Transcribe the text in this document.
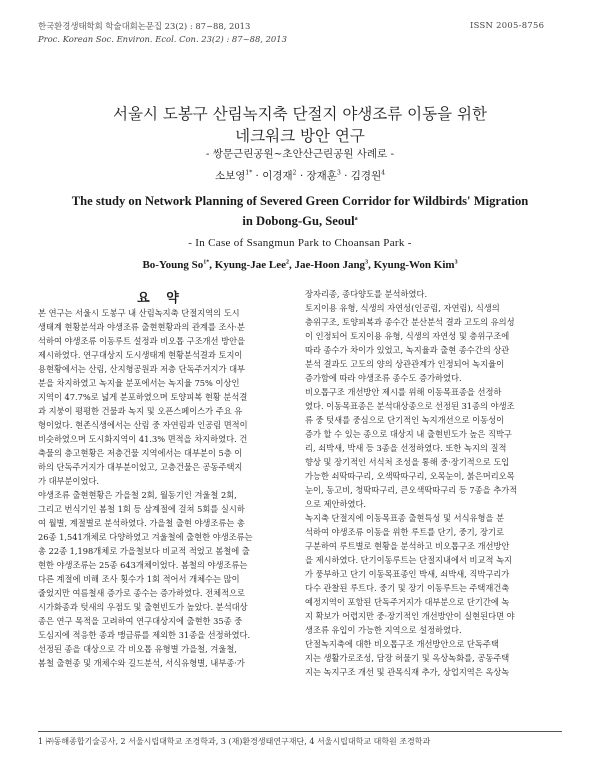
한국환경생태학회 학술대회논문집 23(2) : 87~88, 2013	ISSN 2005-8756
Proc. Korean Soc. Environ. Ecol. Con. 23(2) : 87~88, 2013
서울시 도봉구 산림녹지축 단절지 야생조류 이동을 위한
네크워크 방안 연구
- 쌍문근린공원~초안산근린공원 사례로 -
소보영$^{1*}$ · 이경재$^2$ · 장재훈$^3$ · 김경원$^4$
The study on Network Planning of Severed Green Corridor for Wildbirds' Migration
in Dobong-Gu, Seoul$^a$
- In Case of Ssangmun Park to Choansan Park -
Bo-Young $So^{1*}$, Kyung-Jae Lee$^2$, Jae-Hoon Jang$^3$, Kyung-Won Kim$^3$
요 약

본 연구는 서울시 도봉구 내 산림녹지축 단절지역의 도시

생태계 현황분석과 야생조류 출현현황과의 관계를 조사·분

석하여 야생조류 이동루트 설정과 비오톱 구조개선 방안을

제시하였다. 연구대상지 도시생태계 현황분석결과 토지이

용현황에서는 산림, 산지형공원과 저층 단독주거지가 대부

분을 차지하였고 녹지율 분포에서는 녹지율 75% 이상인

지역이 47.7%로 넓게 분포하였으며 토양피복 현황 분석결

과 지붕이 평평한 건물과 녹지 및 오픈스페이스가 주요 유

형이었다. 현존식생에서는 산림 중 자연림과 인공림 면적이

비슷하였으며 도시화지역이 41.3% 면적을 차지하였다. 건

축물의 층고현황은 저층건물 지역에서는 대부분이 5층 이

하의 단독주거지가 대부분이었고, 고층건물은 공동주택지

가 대부분이었다.

야생조류 출현현황은 가을철 2회, 월동기인 겨울철 2회,

그리고 번식기인 봄철 1회 등 삼계절에 걸쳐 5회를 실시하

여 월별, 계절별로 분석하였다. 가을철 출현 야생조류는 총

26종 1,541개체로 다양하였고 겨울철에 출현한 야생조류는

총 22종 1,198개체로 가을철보다 비교적 적었고 봄철에 출

현한 야생조류는 25종 643개체이었다. 봄철의 야생조류는

다른 계절에 비해 조사 횟수가 1회 적어서 개체수는 많이

줄었지만 여름철새 증가로 종수는 증가하였다. 전체적으로

시가화종과 텃새의 우점도 및 출현빈도가 높았다. 분석대상

종은 연구 목적을 고려하여 연구대상지에 출현한 35종 중

도심지에 적응한 종과 맹금류를 제외한 31종을 선정하였다.

선정된 종을 대상으로 각 비오톱 유형별 가을철, 겨울철,

봄철 출현종 및 개체수와 길드분석, 서식유형별, 내부종·가

장자리종, 종다양도를 분석하였다.

토지이용 유형, 식생의 자연성(인공림, 자연림), 식생의

층위구조, 토양피복과 종수간 분산분석 결과 고도의 유의성

이 인정되어 토지이용 유형, 식생의 자연성 및 층위구조에

따라 종수가 차이가 있었고, 녹지율과 출현 종수간의 상관

분석 결과도 고도의 양의 상관관계가 인정되어 녹지율이

증가함에 따라 야생조류 종수도 증가하였다.

비오톱구조 개선방안 제시를 위해 이동목표종을 선정하

였다. 이동목표종은 분석대상종으로 선정된 31종의 야생조

류 중 텃새를 중심으로 단기적인 녹지개선으로 이동성이

증가 할 수 있는 종으로 대상지 내 출현빈도가 높은 직박구

리, 쇠박새, 박새 등 3종을 선정하였다. 또한 녹지의 질적

향상 및 장기적인 서식처 조성을 통해 중·장기적으로 도입

가능한 쇠딱따구리, 오색딱따구리, 오목눈이, 붉은머리오목

눈이, 동고비, 청딱따구리, 큰오색딱따구리 등 7종을 추가적

으로 제안하였다.

녹지축 단절지에 이동목표종 출현특성 및 서식유형을 분

석하여 야생조류 이동을 위한 루트를 단기, 중기, 장기로

구분하여 루트별로 현황을 분석하고 비오톱구조 개선방안

을 제시하였다. 단기이동루트는 단절지내에서 비교적 녹지

가 풍부하고 단기 이동목표종인 박새, 쇠박새, 직박구리가

다수 관찰된 루트다. 중기 및 장기 이동루트는 주택재건축

예정지역이 포함된 단독주거지가 대부분으로 단기간에 녹

지 확보가 어렵지만 중·장기적인 개선방안이 실현된다면 야

생조류 유입이 가능한 지역으로 설정하였다.

단절녹지축에 대한 비오톱구조 개선방안으로 단독주택

지는 생활가로조성, 담장 허물기 및 옥상녹화를, 공동주택

지는 녹지구조 개선 및 관목식재 추가, 상업지역은 옥상녹

1 ㈜동해종합기술공사, 2 서울시립대학교 조경학과, 3 (재)환경생태연구재단, 4 서울시립대학교 대학원 조경학과
